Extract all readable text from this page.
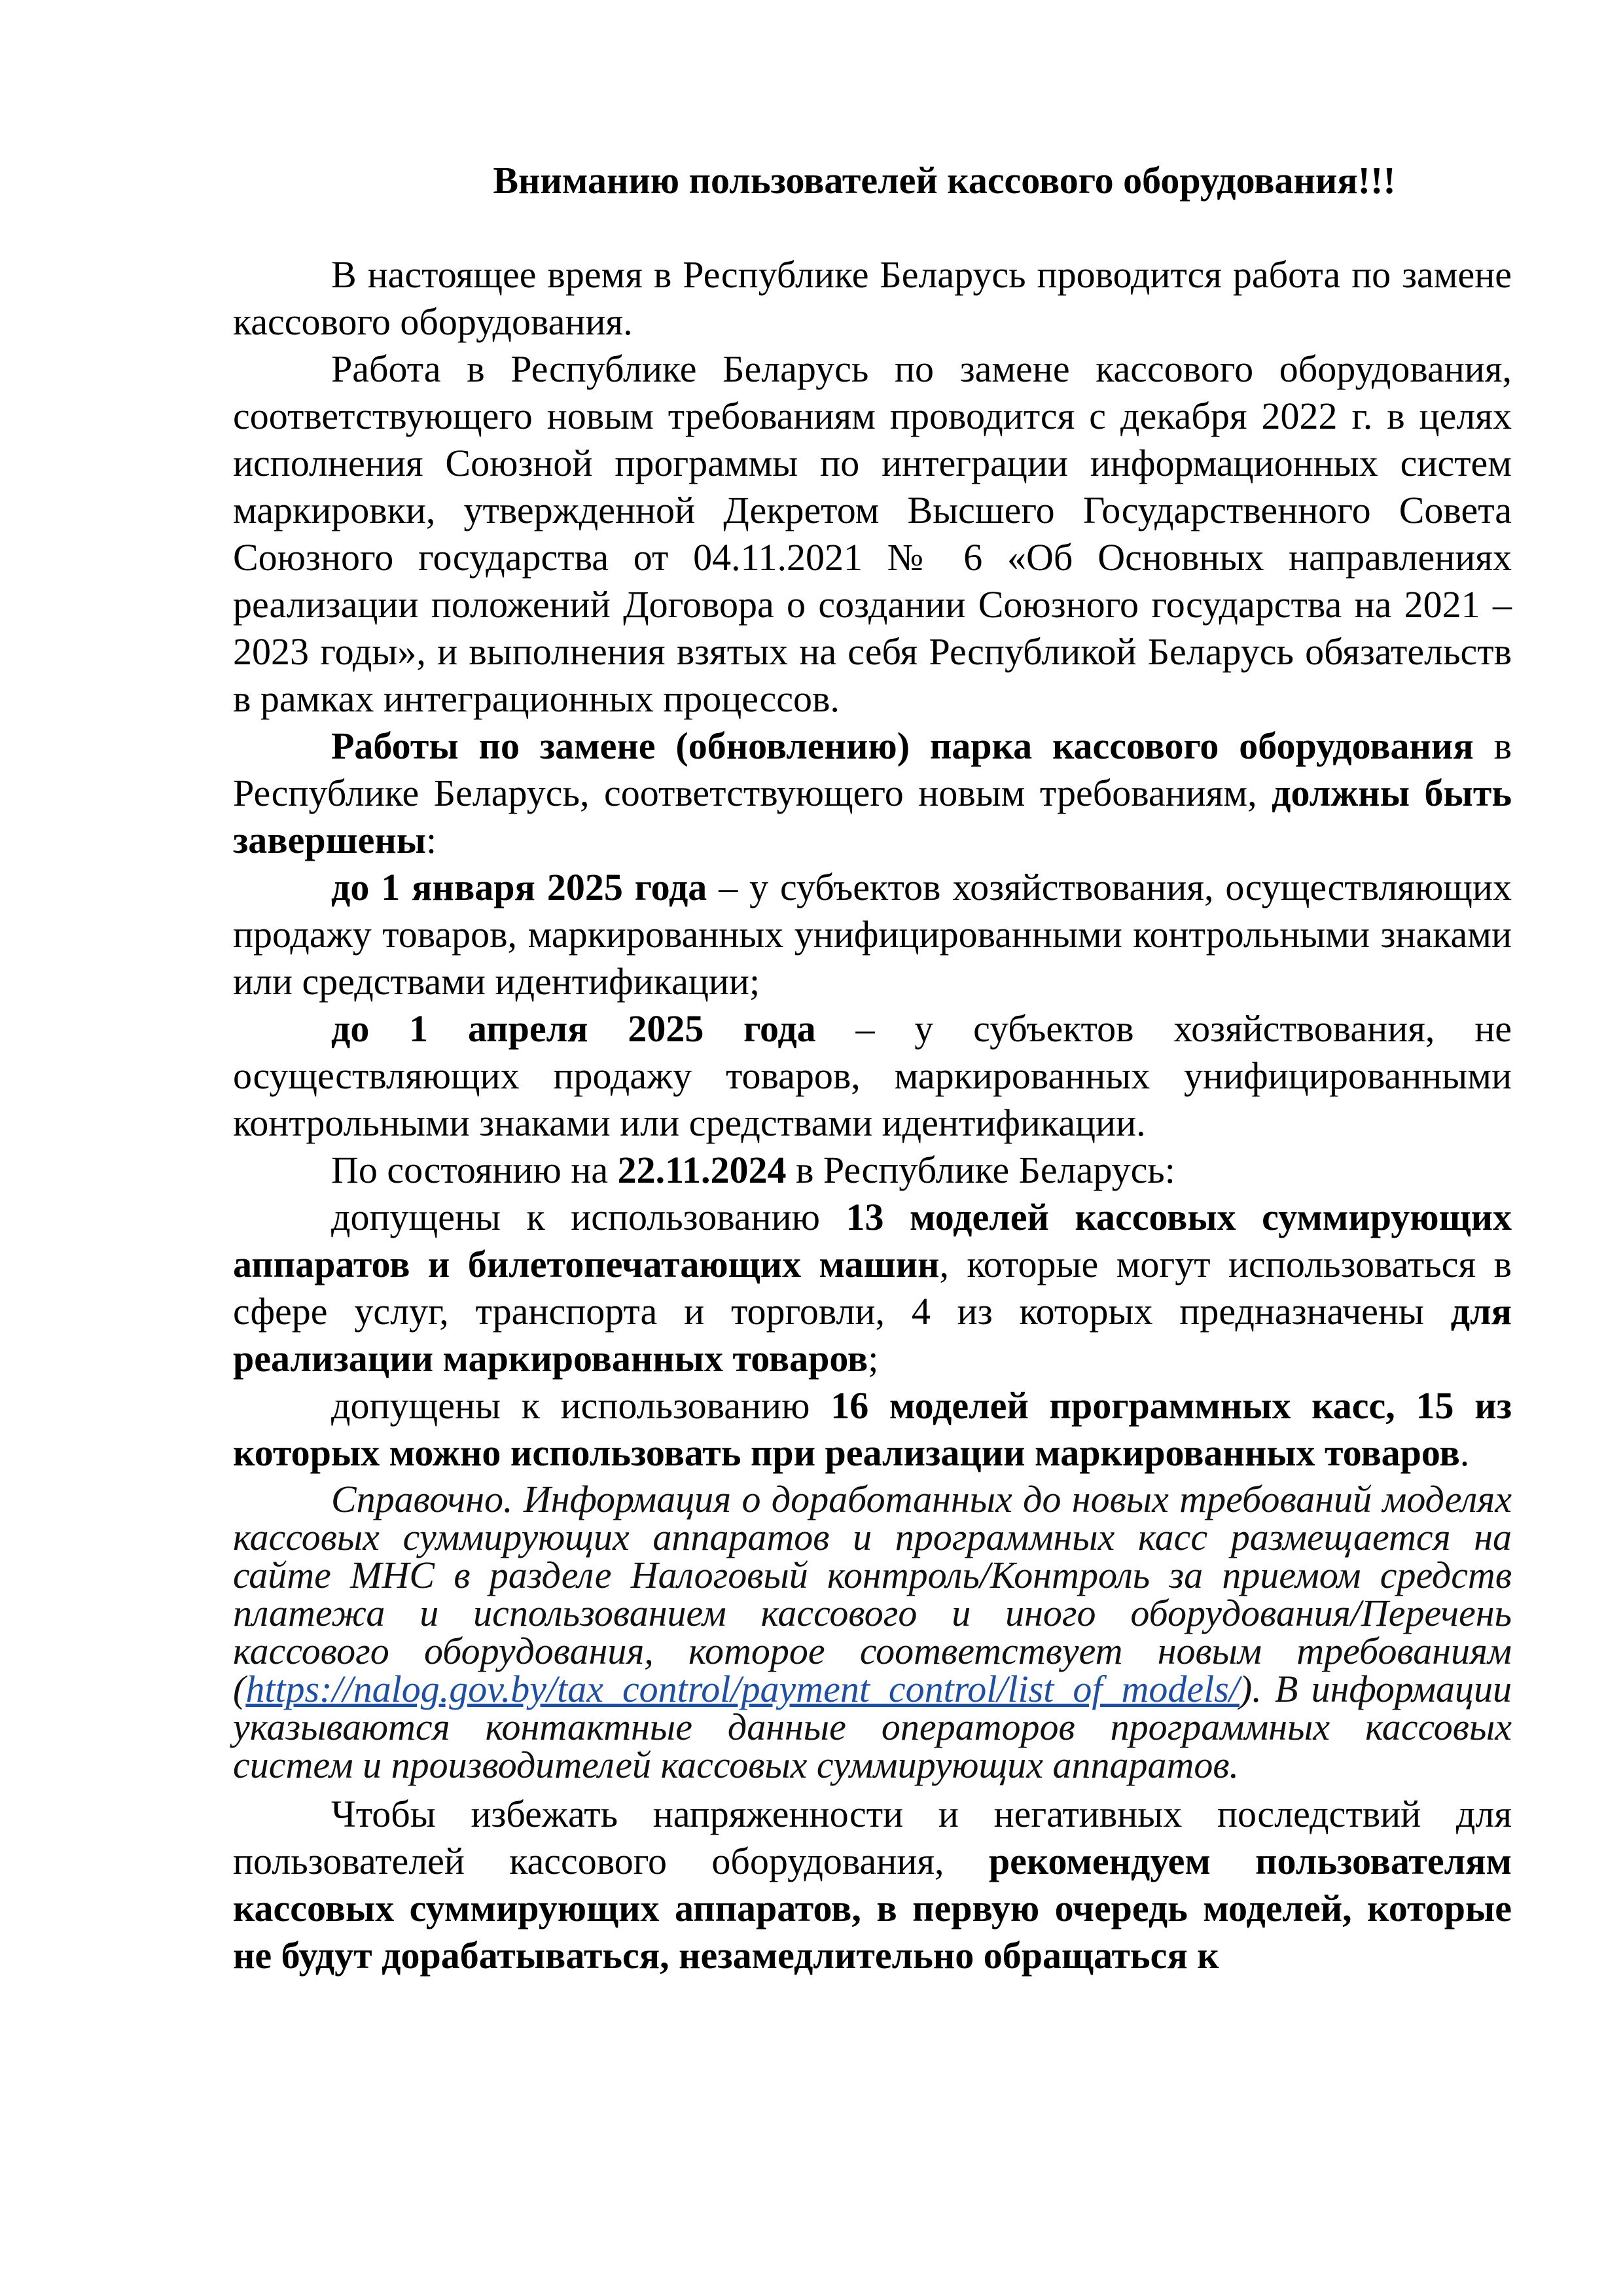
Вниманию пользователей кассового оборудования!!!

В настоящее время в Республике Беларусь проводится работа по замене кассового оборудования.

Работа в Республике Беларусь по замене кассового оборудования, соответствующего новым требованиям проводится с декабря 2022 г. в целях исполнения Союзной программы по интеграции информационных систем маркировки, утвержденной Декретом Высшего Государственного Совета Союзного государства от 04.11.2021 № 6 «Об Основных направлениях реализации положений Договора о создании Союзного государства на 2021 – 2023 годы», и выполнения взятых на себя Республикой Беларусь обязательств в рамках интеграционных процессов.

Работы по замене (обновлению) парка кассового оборудования в Республике Беларусь, соответствующего новым требованиям, должны быть завершены:

до 1 января 2025 года – у субъектов хозяйствования, осуществляющих продажу товаров, маркированных унифицированными контрольными знаками или средствами идентификации;

до 1 апреля 2025 года – у субъектов хозяйствования, не осуществляющих продажу товаров, маркированных унифицированными контрольными знаками или средствами идентификации.

По состоянию на 22.11.2024 в Республике Беларусь:

допущены к использованию 13 моделей кассовых суммирующих аппаратов и билетопечатающих машин, которые могут использоваться в сфере услуг, транспорта и торговли, 4 из которых предназначены для реализации маркированных товаров;

допущены к использованию 16 моделей программных касс, 15 из которых можно использовать при реализации маркированных товаров.

Справочно. Информация о доработанных до новых требований моделях кассовых суммирующих аппаратов и программных касс размещается на сайте МНС в разделе Налоговый контроль/Контроль за приемом средств платежа и использованием кассового и иного оборудования/Перечень кассового оборудования, которое соответствует новым требованиям (https://nalog.gov.by/tax_control/payment_control/list_of_models/). В информации указываются контактные данные операторов программных кассовых систем и производителей кассовых суммирующих аппаратов.

Чтобы избежать напряженности и негативных последствий для пользователей кассового оборудования, рекомендуем пользователям кассовых суммирующих аппаратов, в первую очередь моделей, которые не будут дорабатываться, незамедлительно обращаться к
